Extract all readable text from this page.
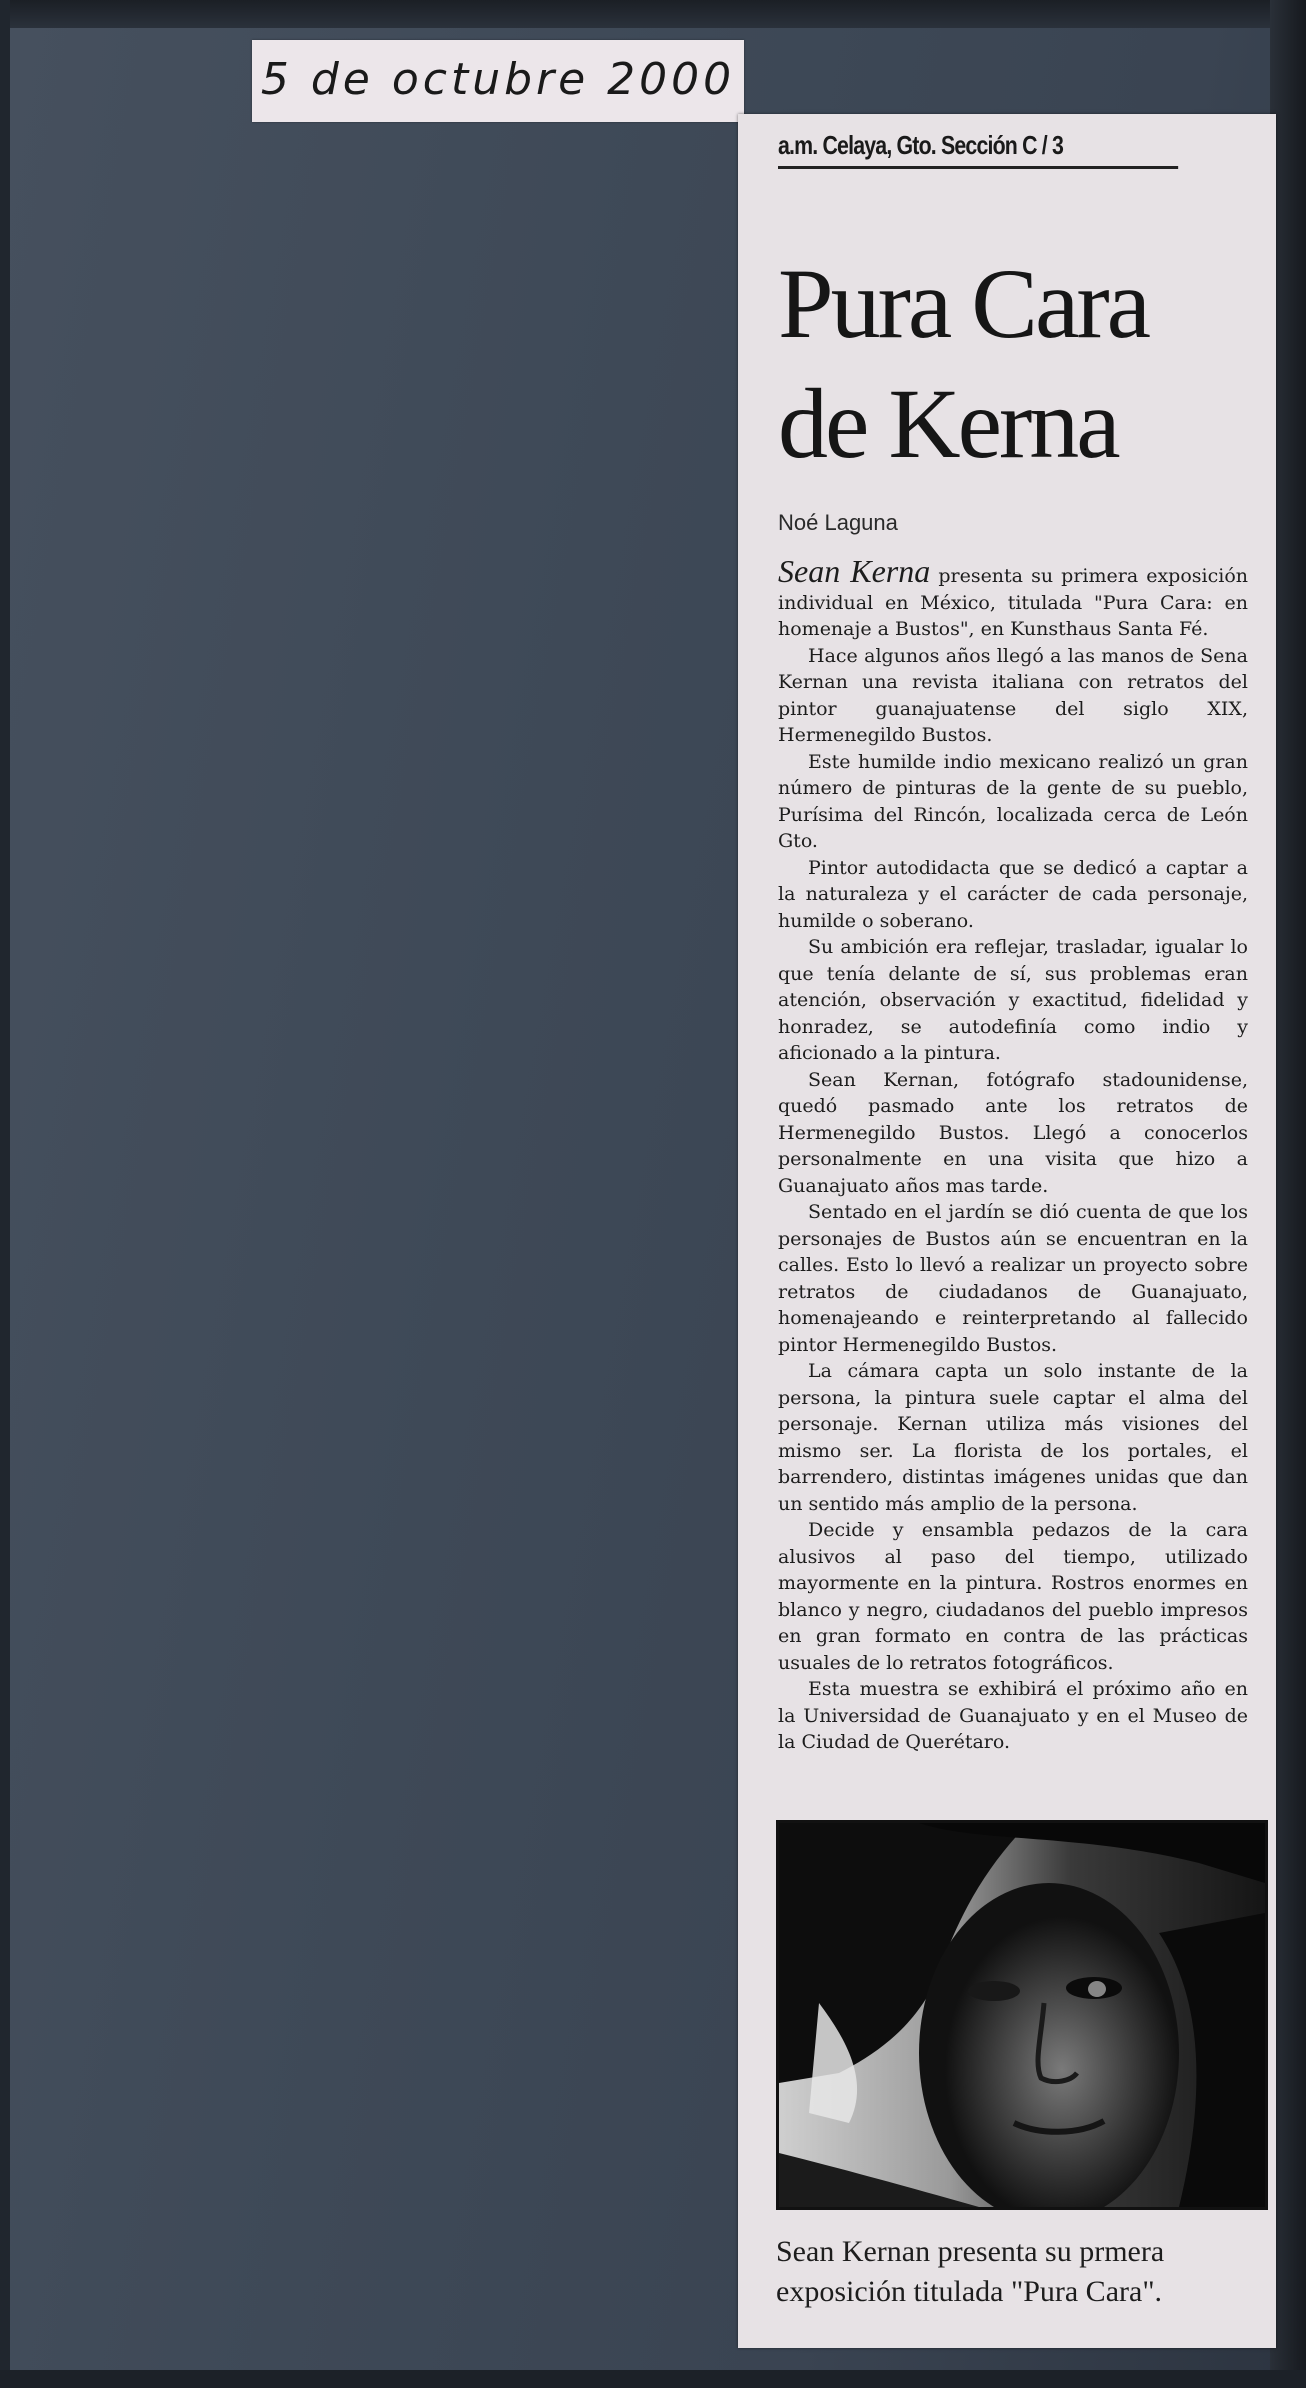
5 de octubre 2000
a.m. Celaya, Gto. Sección C / 3
Pura Cara
de Kerna
Noé Laguna

Sean Kerna presenta su primera exposición individual en México, titulada "Pura Cara: en homenaje a Bustos", en Kunsthaus Santa Fé.

Hace algunos años llegó a las manos de Sena Kernan una revista italiana con retratos del pintor guanajuatense del siglo XIX, Hermenegildo Bustos.

Este humilde indio mexicano realizó un gran número de pinturas de la gente de su pueblo, Purísima del Rincón, localizada cerca de León Gto.

Pintor autodidacta que se dedicó a captar a la naturaleza y el carácter de cada personaje, humilde o soberano.

Su ambición era reflejar, trasladar, igualar lo que tenía delante de sí, sus problemas eran atención, observación y exactitud, fidelidad y honradez, se autodefinía como indio y aficionado a la pintura.

Sean Kernan, fotógrafo stadounidense, quedó pasmado ante los retratos de Hermenegildo Bustos. Llegó a conocerlos personalmente en una visita que hizo a Guanajuato años mas tarde.

Sentado en el jardín se dió cuenta de que los personajes de Bustos aún se encuentran en la calles. Esto lo llevó a realizar un proyecto sobre retratos de ciudadanos de Guanajuato, homenajeando e reinterpretando al fallecido pintor Hermenegildo Bustos.

La cámara capta un solo instante de la persona, la pintura suele captar el alma del personaje. Kernan utiliza más visiones del mismo ser. La florista de los portales, el barrendero, distintas imágenes unidas que dan un sentido más amplio de la persona.

Decide y ensambla pedazos de la cara alusivos al paso del tiempo, utilizado mayormente en la pintura. Rostros enormes en blanco y negro, ciudadanos del pueblo impresos en gran formato en contra de las prácticas usuales de lo retratos fotográficos.

Esta muestra se exhibirá el próximo año en la Universidad de Guanajuato y en el Museo de la Ciudad de Querétaro.

Sean Kernan presenta su prmera exposición titulada "Pura Cara".
